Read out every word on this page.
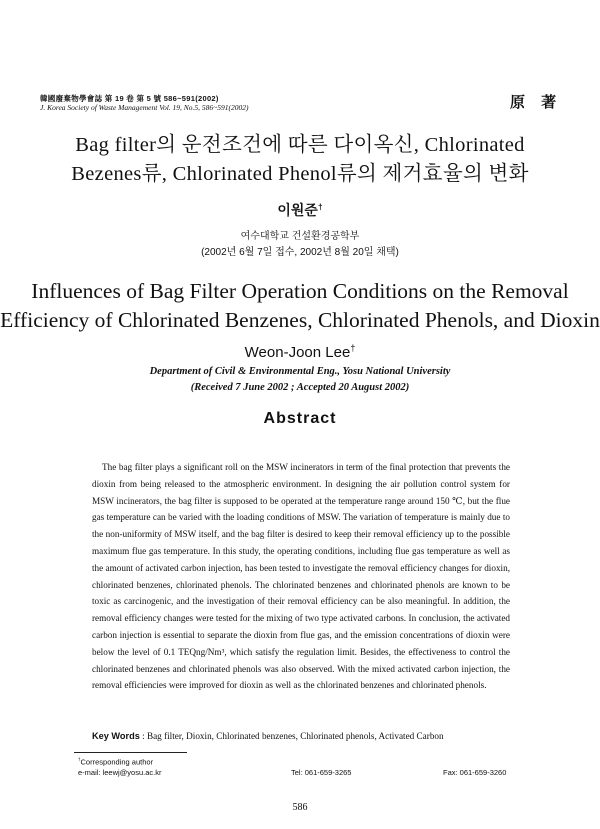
韓國廢棄物學會誌 第 19 卷 第 5 號 586~591(2002)
J. Korea Society of Waste Management Vol. 19, No.5, 586~591(2002)	原 著
Bag filter의 운전조건에 따른 다이옥신, Chlorinated
Bezenes류, Chlorinated Phenol류의 제거효율의 변화
이원준†
여수대학교 건설환경공학부
(2002년 6월 7일 접수, 2002년 8월 20일 채택)
Influences of Bag Filter Operation Conditions on the Removal
Efficiency of Chlorinated Benzenes, Chlorinated Phenols, and Dioxin
Weon-Joon Lee†
Department of Civil & Environmental Eng., Yosu National University
(Received 7 June 2002 ; Accepted 20 August 2002)
Abstract
The bag filter plays a significant roll on the MSW incinerators in term of the final protection that prevents the dioxin from being released to the atmospheric environment. In designing the air pollution control system for MSW incinerators, the bag filter is supposed to be operated at the temperature range around 150 ℃, but the flue gas temperature can be varied with the loading conditions of MSW. The variation of temperature is mainly due to the non-uniformity of MSW itself, and the bag filter is desired to keep their removal efficiency up to the possible maximum flue gas temperature. In this study, the operating conditions, including flue gas temperature as well as the amount of activated carbon injection, has been tested to investigate the removal efficiency changes for dioxin, chlorinated benzenes, chlorinated phenols. The chlorinated benzenes and chlorinated phenols are known to be toxic as carcinogenic, and the investigation of their removal efficiency can be also meaningful. In addition, the removal efficiency changes were tested for the mixing of two type activated carbons. In conclusion, the activated carbon injection is essential to separate the dioxin from flue gas, and the emission concentrations of dioxin were below the level of 0.1 TEQng/Nm³, which satisfy the regulation limit. Besides, the effectiveness to control the chlorinated benzenes and chlorinated phenols was also observed. With the mixed activated carbon injection, the removal efficiencies were improved for dioxin as well as the chlorinated benzenes and chlorinated phenols.
Key Words : Bag filter, Dioxin, Chlorinated benzenes, Chlorinated phenols, Activated Carbon
†Corresponding author
e-mail: leewj@yosu.ac.kr	Tel: 061-659-3265	Fax: 061-659-3260
586
